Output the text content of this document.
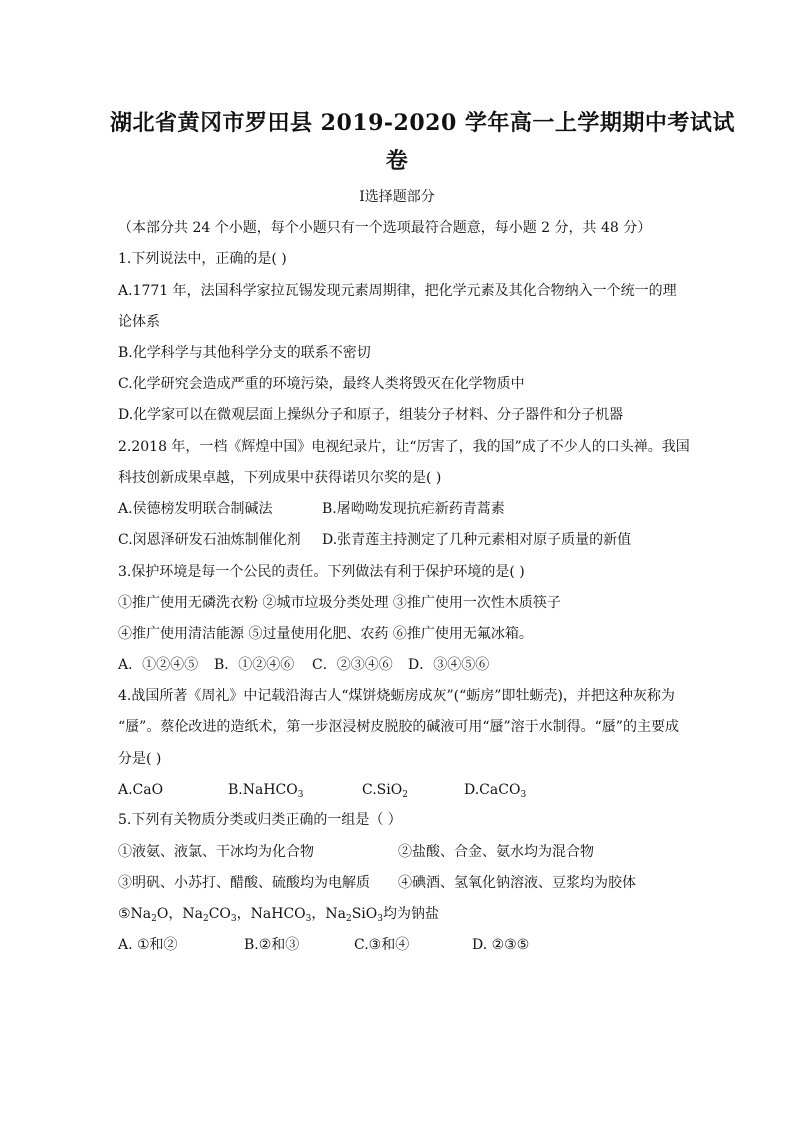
湖北省黄冈市罗田县 2019-2020 学年高一上学期期中考试试
卷
Ⅰ选择题部分
（本部分共 24 个小题，每个小题只有一个选项最符合题意，每小题 2 分，共 48 分）
1.下列说法中，正确的是( )
A.1771 年，法国科学家拉瓦锡发现元素周期律，把化学元素及其化合物纳入一个统一的理
论体系
B.化学科学与其他科学分支的联系不密切
C.化学研究会造成严重的环境污染，最终人类将毁灭在化学物质中
D.化学家可以在微观层面上操纵分子和原子，组装分子材料、分子器件和分子机器
2.2018 年，一档《辉煌中国》电视纪录片，让“厉害了，我的国”成了不少人的口头禅。我国
科技创新成果卓越，下列成果中获得诺贝尔奖的是( )
A.侯德榜发明联合制碱法	B.屠呦呦发现抗疟新药青蒿素
C.闵恩泽研发石油炼制催化剂 D.张青莲主持测定了几种元素相对原子质量的新值
3.保护环境是每一个公民的责任。下列做法有利于保护环境的是( )
①推广使用无磷洗衣粉 ②城市垃圾分类处理 ③推广使用一次性木质筷子
④推广使用清洁能源 ⑤过量使用化肥、农药 ⑥推广使用无氟冰箱。
A．①②④⑤ B．①②④⑥ C．②③④⑥ D．③④⑤⑥
4.战国所著《周礼》中记载沿海古人“煤饼烧蛎房成灰”(“蛎房”即牡蛎壳)，并把这种灰称为
“蜃”。蔡伦改进的造纸术，第一步沤浸树皮脱胶的碱液可用“蜃”溶于水制得。“蜃”的主要成
分是( )
A.CaO	B.NaHCO$_3$	C.SiO$_2$	D.CaCO$_3$
5.下列有关物质分类或归类正确的一组是（ ）
①液氨、液氯、干冰均为化合物	②盐酸、合金、氨水均为混合物
③明矾、小苏打、醋酸、硫酸均为电解质 ④碘酒、氢氧化钠溶液、豆浆均为胶体
$⑤Na_2O$，$Na_2CO_3$，NaHCO$_3$，$Na_2SiO_3$均为钠盐
A. ①和②	B.②和③	C.③和④	D. ②③⑤
